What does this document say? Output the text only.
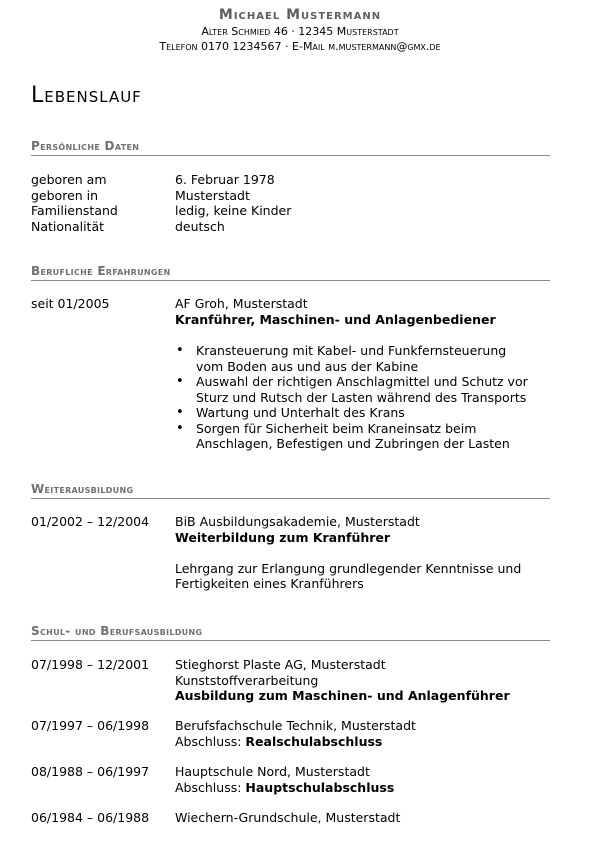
Michael Mustermann
Alter Schmied 46 · 12345 Musterstadt
Telefon 0170 1234567 · E-Mail m.mustermann@gmx.de
Lebenslauf
Persönliche Daten
geboren am	6. Februar 1978
geboren in	Musterstadt
Familienstand	ledig, keine Kinder
Nationalität	deutsch
Berufliche Erfahrungen
seit 01/2005	AF Groh, Musterstadt
Kranführer, Maschinen- und Anlagenbediener
• Kransteuerung mit Kabel- und Funkfernsteuerung vom Boden aus und aus der Kabine
• Auswahl der richtigen Anschlagmittel und Schutz vor Sturz und Rutsch der Lasten während des Transports
• Wartung und Unterhalt des Krans
• Sorgen für Sicherheit beim Kraneinsatz beim Anschlagen, Befestigen und Zubringen der Lasten
Weiterausbildung
01/2002 – 12/2004	BiB Ausbildungsakademie, Musterstadt
Weiterbildung zum Kranführer
Lehrgang zur Erlangung grundlegender Kenntnisse und
Fertigkeiten eines Kranführers
Schul- und Berufsausbildung
07/1998 – 12/2001	Stieghorst Plaste AG, Musterstadt
Kunststoffverarbeitung
Ausbildung zum Maschinen- und Anlagenführer
07/1997 – 06/1998	Berufsfachschule Technik, Musterstadt
Abschluss: Realschulabschluss
08/1988 – 06/1997	Hauptschule Nord, Musterstadt
Abschluss: Hauptschulabschluss
06/1984 – 06/1988	Wiechern-Grundschule, Musterstadt
